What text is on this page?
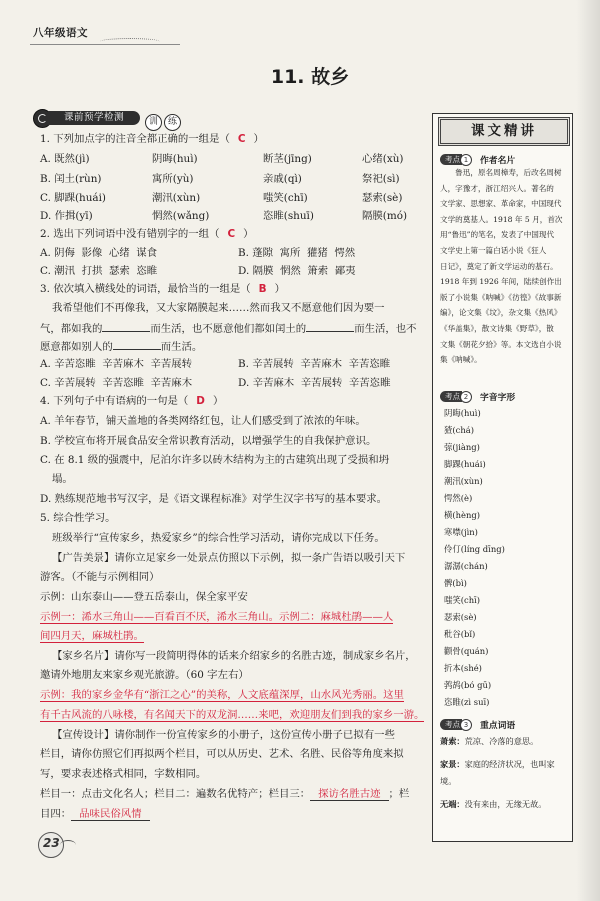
八年级语文
11. 故乡
课前预学检测	训 练
1. 下列加点字的注音全都正确的一组是（ C ）
A. 既然(jì)	阴晦(huì)	断茎(jīng)	心绪(xù)
B. 闰土(rùn)	寓所(yù)	亲戚(qì)	祭祀(sì)
C. 脚踝(huái)	潮汛(xùn)	嗤笑(chī)	瑟索(sè)
D. 作揖(yī)	惘然(wǎng)	恣睢(shuī)	隔膜(mó)
2. 选出下列词语中没有错别字的一组（ C ）
A. 阴侮  影像  心绪  谋食	B. 蓬隙  寓所  獾猪  愕然
C. 潮汛  打拱  瑟索  恣睢	D. 隔膜  惘然  箫索  鄙夷
3. 依次填入横线处的词语，最恰当的一组是（ B ）
我希望他们不再像我，又大家隔膜起来……然而我又不愿意他们因为要一
气，都如我的	而生活，也不愿意他们都如闰土的	而生活，也不
愿意都如别人的	而生活。
A. 辛苦恣睢  辛苦麻木  辛苦展转	B. 辛苦展转  辛苦麻木  辛苦恣睢
C. 辛苦展转  辛苦恣睢  辛苦麻木	D. 辛苦麻木  辛苦展转  辛苦恣睢
4. 下列句子中有语病的一句是（ D ）
A. 羊年春节，铺天盖地的各类网络红包，让人们感受到了浓浓的年味。
B. 学校宣布将开展食品安全常识教育活动，以增强学生的自我保护意识。
C. 在 8.1 级的强震中，尼泊尔许多以砖木结构为主的古建筑出现了受损和坍
塌。
D. 熟练规范地书写汉字，是《语文课程标准》对学生汉字书写的基本要求。
5. 综合性学习。
班级举行“宣传家乡，热爱家乡”的综合性学习活动，请你完成以下任务。
【广告美景】请你立足家乡一处景点仿照以下示例，拟一条广告语以吸引天下
游客。（不能与示例相同）
示例：山东泰山——登五岳泰山，保全家平安
示例一：浠水三角山——百看百不厌，浠水三角山。示例二：麻城杜鹃——人
间四月天，麻城杜鹃。
【家乡名片】请你写一段简明得体的话来介绍家乡的名胜古迹，制成家乡名片，
邀请外地朋友来家乡观光旅游。（60 字左右）
示例：我的家乡金华有“浙江之心”的美称，人文底蕴深厚，山水风光秀丽。这里
有千古风流的八咏楼，有名闻天下的双龙洞……来吧，欢迎朋友们到我的家乡一游。
【宣传设计】请你制作一份宣传家乡的小册子，这份宣传小册子已拟有一些
栏目，请你仿照它们再拟两个栏目，可以从历史、艺术、名胜、民俗等角度来拟
写，要求表述格式相同，字数相同。
栏目一：点击文化名人；栏目二：遍数名优特产；栏目三： 探访名胜古迹 ；栏
目四： 品味民俗风情
课文精讲
考点 1 作者名片
　　鲁迅，原名周樟寿，后改名周树
人，字豫才，浙江绍兴人。著名的
文学家、思想家、革命家，中国现代
文学的奠基人。1918 年 5 月，首次
用“鲁迅”的笔名，发表了中国现代
文学史上第一篇白话小说《狂人
日记》，奠定了新文学运动的基石。
1918 年到 1926 年间，陆续创作出
版了小说集《呐喊》《彷徨》《故事新
编》，论文集《坟》，杂文集《热风》
《华盖集》，散文诗集《野草》，散
文集《朝花夕拾》等。本文选自小说
集《呐喊》。
考点 2 字音字形
阴晦(huì)
猹(chá)
弶(jiàng)
脚踝(huái)
潮汛(xùn)
愕然(è)
横(hèng)
寒噤(jìn)
伶仃(líng dīng)
潺潺(chán)
髀(bì)
嗤笑(chī)
瑟索(sè)
秕谷(bǐ)
颧骨(quán)
折本(shé)
鹁鸪(bó gū)
恣睢(zì suī)
考点 3 重点词语
萧索：荒凉、冷落的意思。
家景：家庭的经济状况，也叫家境。
无端：没有来由，无缘无故。
23
